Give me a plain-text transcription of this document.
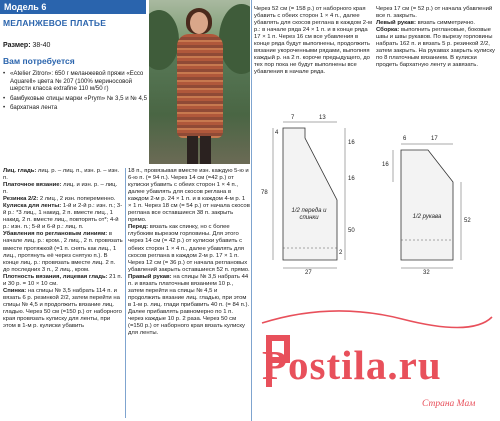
Модель 6
МЕЛАНЖЕВОЕ ПЛАТЬЕ
Размер: 38-40
Вам потребуется
• «Atelier Zitron»: 650 г меланжевой пряжи «Ecco Aquarell» цвета № 207 (100% мериносовой шерсти класса extrafine 110 м/50 г)
• бамбуковые спицы марки «Prym» № 3,5 и № 4,5
• бархатная лента

Лиц. гладь: лиц. р. – лиц. п., изн. р. – изн. п.

Платочное вязание: лиц. и изн. р. – лиц. п.

Резинка 2/2: 2 лиц., 2 изн. попеременно.

Кулиска для ленты: 1-й и 2-й р.: изн. п.; 3-й р.: *3 лиц., 1 накид, 2 п. вместе лиц., 1 накид, 2 п. вместе лиц., повторять от*; 4-й р.: изн. п.; 5-й и 6-й р.: лиц. п.

Убавления по реглановым линиям: в начале лиц. р.: кром., 2 лиц., 2 п. провязать вместе протяжкой (=1 п. снять как лиц., 1 лиц., протянуть её через снятую п.). В конце лиц. р.: провязать вместе лиц. 2 п. до последних 3 п., 2 лиц., кром.

Плотность вязания, лицевая гладь: 21 п. и 30 р. = 10 × 10 см.

Спинка: на спицы № 3,5 набрать 114 п. и вязать 6 р. резинкой 2/2, затем перейти на спицы № 4,5 и продолжить вязание лиц. гладью. Через 50 см (=150 р.) от наборного края провязать кулиску для ленты, при этом в 1-м р. кулиски убавить

18 п., провязывая вместе изн. каждую 5-ю и 6-ю п. (= 94 п.). Через 14 см (=42 р.) от кулиски убавить с обеих сторон 1 × 4 п., далее убавлять для скосов реглана в каждом 2-м р. 24 × 1 п. и в каждом 4-м р. 1 × 1 п. Через 18 см (= 54 р.) от начала скосов реглана все оставшиеся 38 п. закрыть прямо.

Перед: вязать как спинку, но с более глубоким вырезом горловины. Для этого через 14 см (= 42 р.) от кулиски убавить с обеих сторон 1 × 4 п., далее убавлять для скосов реглана в каждом 2-м р. 17 × 1 п. Через 12 см (= 36 р.) от начала реглановых убавлений закрыть оставшиеся 52 п. прямо.

Правый рукав: на спицы № 3,5 набрать 44 п. и вязать платочным вязанием 10 р., затем перейти на спицы № 4,5 и продолжить вязание лиц. гладью, при этом в 1-м р. лиц. глади прибавить 40 п. (= 84 п.). Далее прибавлять равномерно по 1 п. через каждые 10 р. 2 раза. Через 50 см (=150 р.) от наборного края вязать кулиску для ленты.

Через 52 см (= 158 р.) от наборного края убавить с обеих сторон 1 × 4 п., далее убавлять для скосов реглана в каждом 2-м р.: в начале ряда 24 × 1 п. и в конце ряда 17 × 1 п. Через 16 см все убавления в конце ряда будут выполнены, продолжить вязание укороченными рядами, выполняя каждый р. на 2 п. короче предыдущего, до тех пор пока не будут выполнены все убавления в начале ряда.

Через 17 см (= 52 р.) от начала убавлений все п. закрыть.

Левый рукав: вязать симметрично.

Сборка: выполнить реглановые, боковые швы и швы рукавов. По вырезу горловины набрать 162 п. и вязать 5 р. резинкой 2/2, затем закрыть. На рукавах закрыть кулиску по 8 платочным вязанием. В кулиски продеть бархатную ленту и завязать.

4
7	13
16
16
50
78
1/2 переда и спинки
27
2
6	17
16
52
1/2 рукава
32
Postila.ru
Страна Мам
